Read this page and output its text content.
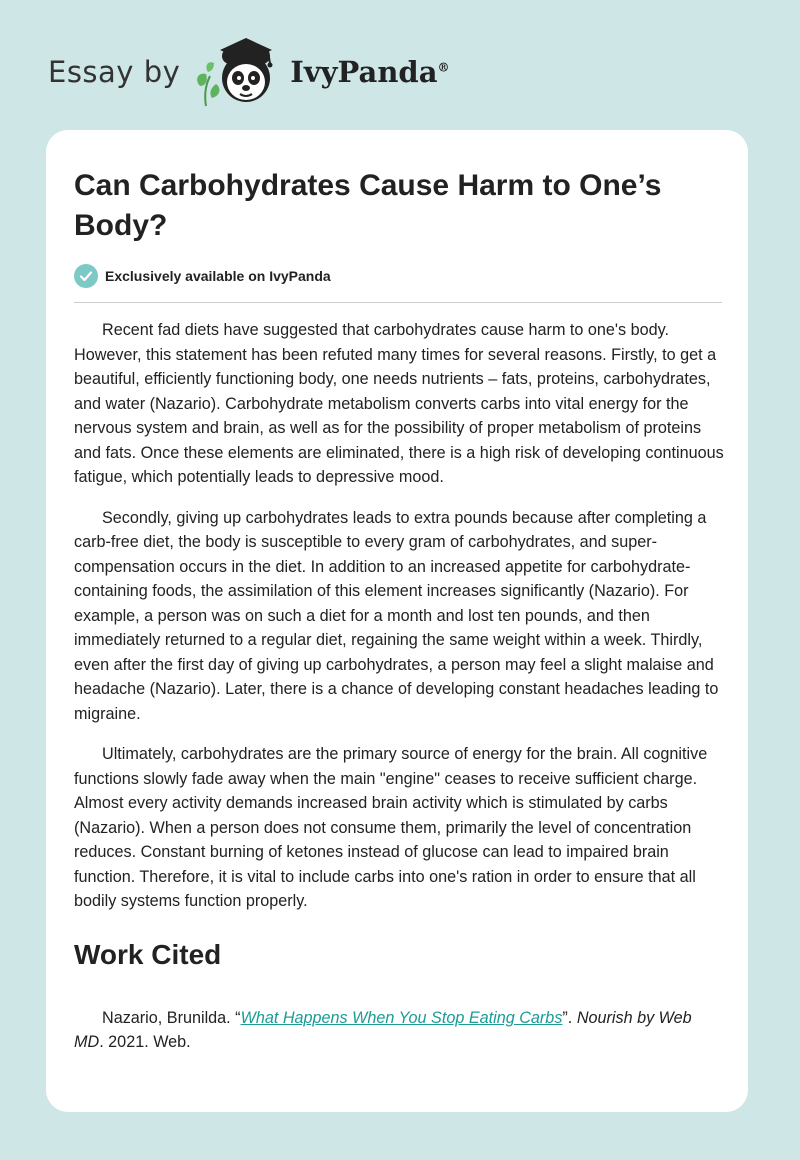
Essay by	IvyPanda®
Can Carbohydrates Cause Harm to One’s Body?
Exclusively available on IvyPanda

Recent fad diets have suggested that carbohydrates cause harm to one's body. However, this statement has been refuted many times for several reasons. Firstly, to get a beautiful, efficiently functioning body, one needs nutrients – fats, proteins, carbohydrates, and water (Nazario). Carbohydrate metabolism converts carbs into vital energy for the nervous system and brain, as well as for the possibility of proper metabolism of proteins and fats. Once these elements are eliminated, there is a high risk of developing continuous fatigue, which potentially leads to depressive mood.

Secondly, giving up carbohydrates leads to extra pounds because after completing a carb-free diet, the body is susceptible to every gram of carbohydrates, and super-compensation occurs in the diet. In addition to an increased appetite for carbohydrate-containing foods, the assimilation of this element increases significantly (Nazario). For example, a person was on such a diet for a month and lost ten pounds, and then immediately returned to a regular diet, regaining the same weight within a week. Thirdly, even after the first day of giving up carbohydrates, a person may feel a slight malaise and headache (Nazario). Later, there is a chance of developing constant headaches leading to migraine.

Ultimately, carbohydrates are the primary source of energy for the brain. All cognitive functions slowly fade away when the main "engine" ceases to receive sufficient charge. Almost every activity demands increased brain activity which is stimulated by carbs (Nazario). When a person does not consume them, primarily the level of concentration reduces. Constant burning of ketones instead of glucose can lead to impaired brain function. Therefore, it is vital to include carbs into one's ration in order to ensure that all bodily systems function properly.

Work Cited

Nazario, Brunilda. “What Happens When You Stop Eating Carbs”. Nourish by Web MD. 2021. Web.
